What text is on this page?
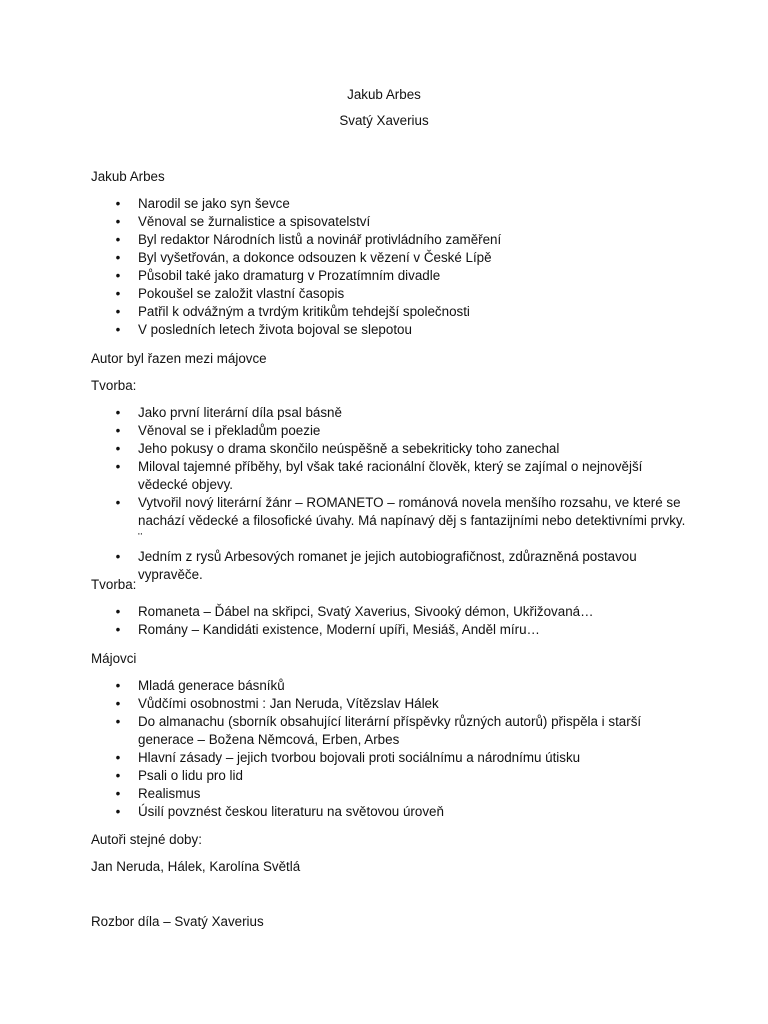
Jakub Arbes
Svatý Xaverius
Jakub Arbes
• Narodil se jako syn ševce
• Věnoval se žurnalistice a spisovatelství
• Byl redaktor Národních listů a novinář protivládního zaměření
• Byl vyšetřován, a dokonce odsouzen k vězení v České Lípě
• Působil také jako dramaturg v Prozatímním divadle
• Pokoušel se založit vlastní časopis
• Patřil k odvážným a tvrdým kritikům tehdejší společnosti
• V posledních letech života bojoval se slepotou
Autor byl řazen mezi májovce
Tvorba:
• Jako první literární díla psal básně
• Věnoval se i překladům poezie
• Jeho pokusy o drama skončilo neúspěšně a sebekriticky toho zanechal
• Miloval tajemné příběhy, byl však také racionální člověk, který se zajímal o nejnovější vědecké objevy.
• Vytvořil nový literární žánr – ROMANETO – románová novela menšího rozsahu, ve které se nachází vědecké a filosofické úvahy. Má napínavý děj s fantazijními nebo detektivními prvky. ¨
• Jedním z rysů Arbesových romanet je jejich autobiografičnost, zdůrazněná postavou vypravěče.
Tvorba:
• Romaneta – Ďábel na skřipci, Svatý Xaverius, Sivooký démon, Ukřižovaná…
• Romány – Kandidáti existence, Moderní upíři, Mesiáš, Anděl míru…
Májovci
• Mladá generace básníků
• Vůdčími osobnostmi : Jan Neruda, Vítězslav Hálek
• Do almanachu (sborník obsahující literární příspěvky různých autorů) přispěla i starší generace – Božena Němcová, Erben, Arbes
• Hlavní zásady – jejich tvorbou bojovali proti sociálnímu a národnímu útisku
• Psali o lidu pro lid
• Realismus
• Úsilí povznést českou literaturu na světovou úroveň
Autoři stejné doby:
Jan Neruda, Hálek, Karolína Světlá
Rozbor díla – Svatý Xaverius
